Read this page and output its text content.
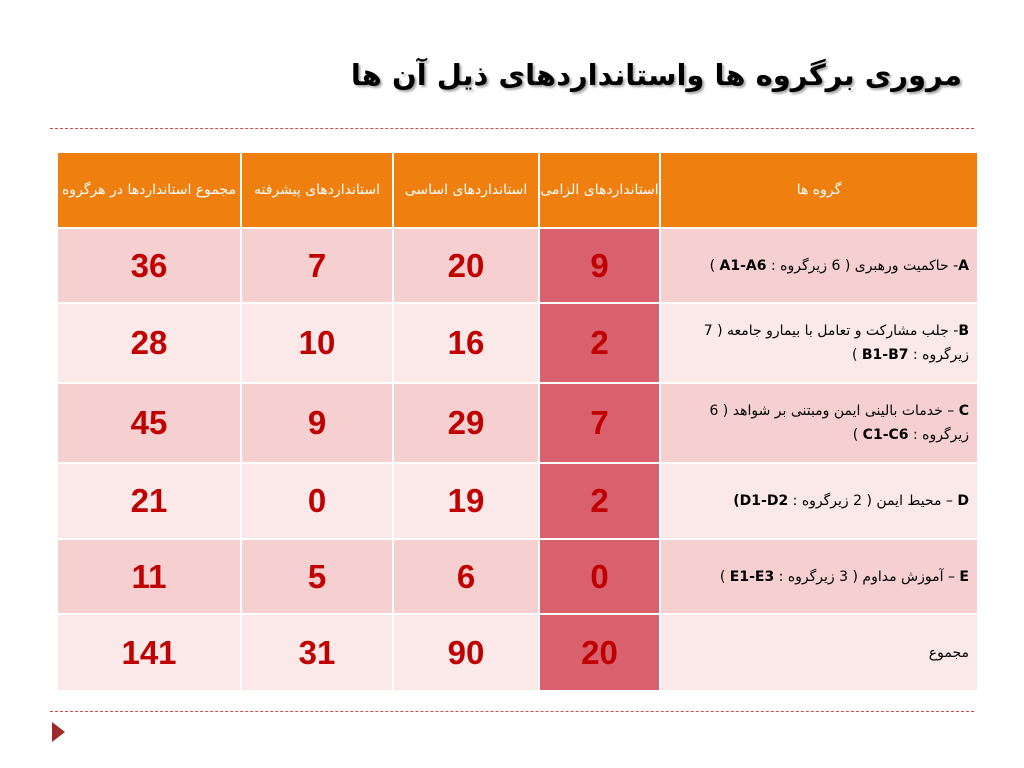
مروری برگروه ها واستانداردهای ذیل آن ها
مجموع استانداردها در هرگروه	استانداردهای پیشرفته	استانداردهای اساسی	استانداردهای الزامی	گروه ها
36	7	20	9	A- حاکمیت ورهبری ( 6 زیرگروه : A1-A6 )
28	10	16	2	B- جلب مشارکت و تعامل با بیمارو جامعه ( 7 زیرگروه : B1-B7 )
45	9	29	7	C – خدمات بالینی ایمن ومبتنی بر شواهد ( 6 زیرگروه : C1-C6 )
21	0	19	2	D – محیط ایمن ( 2 زیرگروه : D1-D2)
11	5	6	0	E – آموزش مداوم ( 3 زیرگروه : E1-E3 )
141	31	90	20	مجموع
